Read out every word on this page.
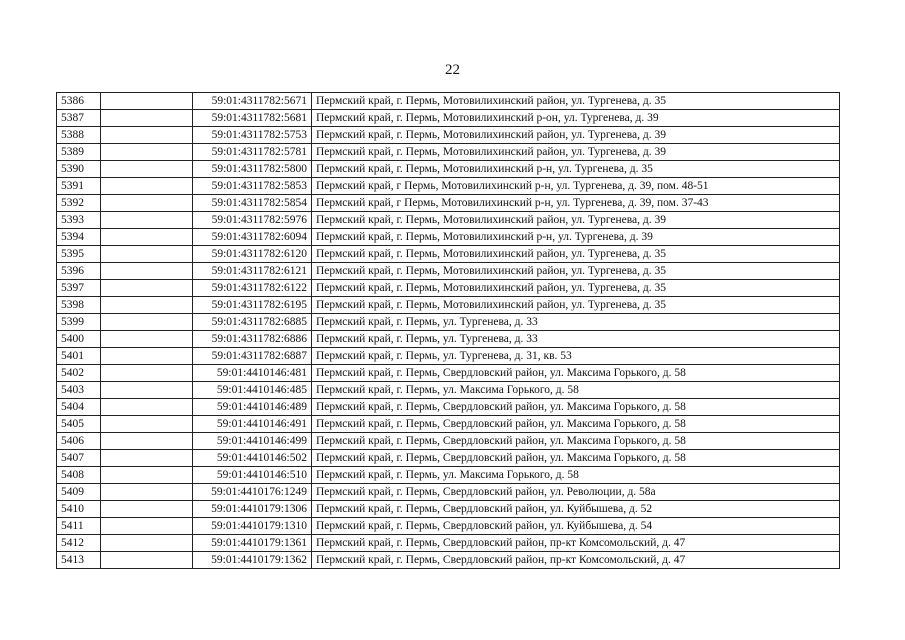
22
5386		59:01:4311782:5671	Пермский край, г. Пермь, Мотовилихинский район, ул. Тургенева, д. 35
5387		59:01:4311782:5681	Пермский край, г. Пермь, Мотовилихинский р-он, ул. Тургенева, д. 39
5388		59:01:4311782:5753	Пермский край, г. Пермь, Мотовилихинский район, ул. Тургенева, д. 39
5389		59:01:4311782:5781	Пермский край, г. Пермь, Мотовилихинский район, ул. Тургенева, д. 39
5390		59:01:4311782:5800	Пермский край, г. Пермь, Мотовилихинский р-н, ул. Тургенева, д. 35
5391		59:01:4311782:5853	Пермский край, г Пермь, Мотовилихинский р-н, ул. Тургенева, д. 39, пом. 48-51
5392		59:01:4311782:5854	Пермский край, г Пермь, Мотовилихинский р-н, ул. Тургенева, д. 39, пом. 37-43
5393		59:01:4311782:5976	Пермский край, г. Пермь, Мотовилихинский район, ул. Тургенева, д. 39
5394		59:01:4311782:6094	Пермский край, г. Пермь, Мотовилихинский р-н, ул. Тургенева, д. 39
5395		59:01:4311782:6120	Пермский край, г. Пермь, Мотовилихинский район, ул. Тургенева, д. 35
5396		59:01:4311782:6121	Пермский край, г. Пермь, Мотовилихинский район, ул. Тургенева, д. 35
5397		59:01:4311782:6122	Пермский край, г. Пермь, Мотовилихинский район, ул. Тургенева, д. 35
5398		59:01:4311782:6195	Пермский край, г. Пермь, Мотовилихинский район, ул. Тургенева, д. 35
5399		59:01:4311782:6885	Пермский край, г. Пермь, ул. Тургенева, д. 33
5400		59:01:4311782:6886	Пермский край, г. Пермь, ул. Тургенева, д. 33
5401		59:01:4311782:6887	Пермский край, г. Пермь, ул. Тургенева, д. 31, кв. 53
5402		59:01:4410146:481	Пермский край, г. Пермь, Свердловский район, ул. Максима Горького, д. 58
5403		59:01:4410146:485	Пермский край, г. Пермь, ул. Максима Горького, д. 58
5404		59:01:4410146:489	Пермский край, г. Пермь, Свердловский район, ул. Максима Горького, д. 58
5405		59:01:4410146:491	Пермский край, г. Пермь, Свердловский район, ул. Максима Горького, д. 58
5406		59:01:4410146:499	Пермский край, г. Пермь, Свердловский район, ул. Максима Горького, д. 58
5407		59:01:4410146:502	Пермский край, г. Пермь, Свердловский район, ул. Максима Горького, д. 58
5408		59:01:4410146:510	Пермский край, г. Пермь, ул. Максима Горького, д. 58
5409		59:01:4410176:1249	Пермский край, г. Пермь, Свердловский район, ул. Революции, д. 58а
5410		59:01:4410179:1306	Пермский край, г. Пермь, Свердловский район, ул. Куйбышева, д. 52
5411		59:01:4410179:1310	Пермский край, г. Пермь, Свердловский район, ул. Куйбышева, д. 54
5412		59:01:4410179:1361	Пермский край, г. Пермь, Свердловский район, пр-кт Комсомольский, д. 47
5413		59:01:4410179:1362	Пермский край, г. Пермь, Свердловский район, пр-кт Комсомольский, д. 47
